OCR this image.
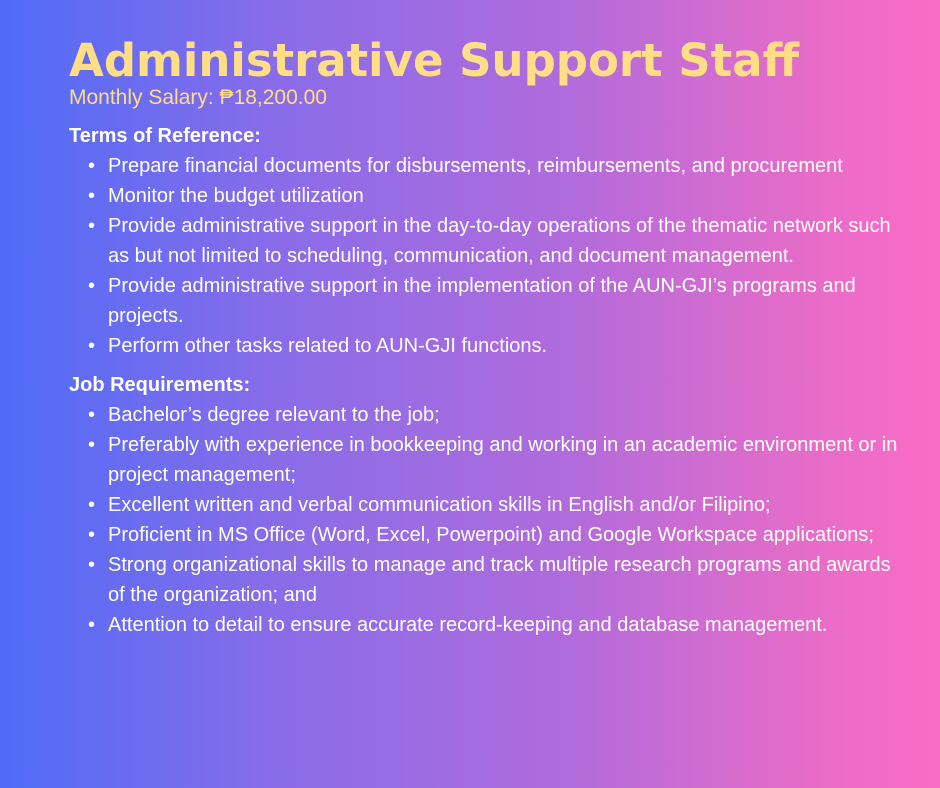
Administrative Support Staff
Monthly Salary: ₱18,200.00
Terms of Reference:
• Prepare financial documents for disbursements, reimbursements, and procurement
• Monitor the budget utilization
• Provide administrative support in the day-to-day operations of the thematic network such as but not limited to scheduling, communication, and document management.
• Provide administrative support in the implementation of the AUN-GJI’s programs and projects.
• Perform other tasks related to AUN-GJI functions.
Job Requirements:
• Bachelor’s degree relevant to the job;
• Preferably with experience in bookkeeping and working in an academic environment or in project management;
• Excellent written and verbal communication skills in English and/or Filipino;
• Proficient in MS Office (Word, Excel, Powerpoint) and Google Workspace applications;
• Strong organizational skills to manage and track multiple research programs and awards of the organization; and
• Attention to detail to ensure accurate record-keeping and database management.
